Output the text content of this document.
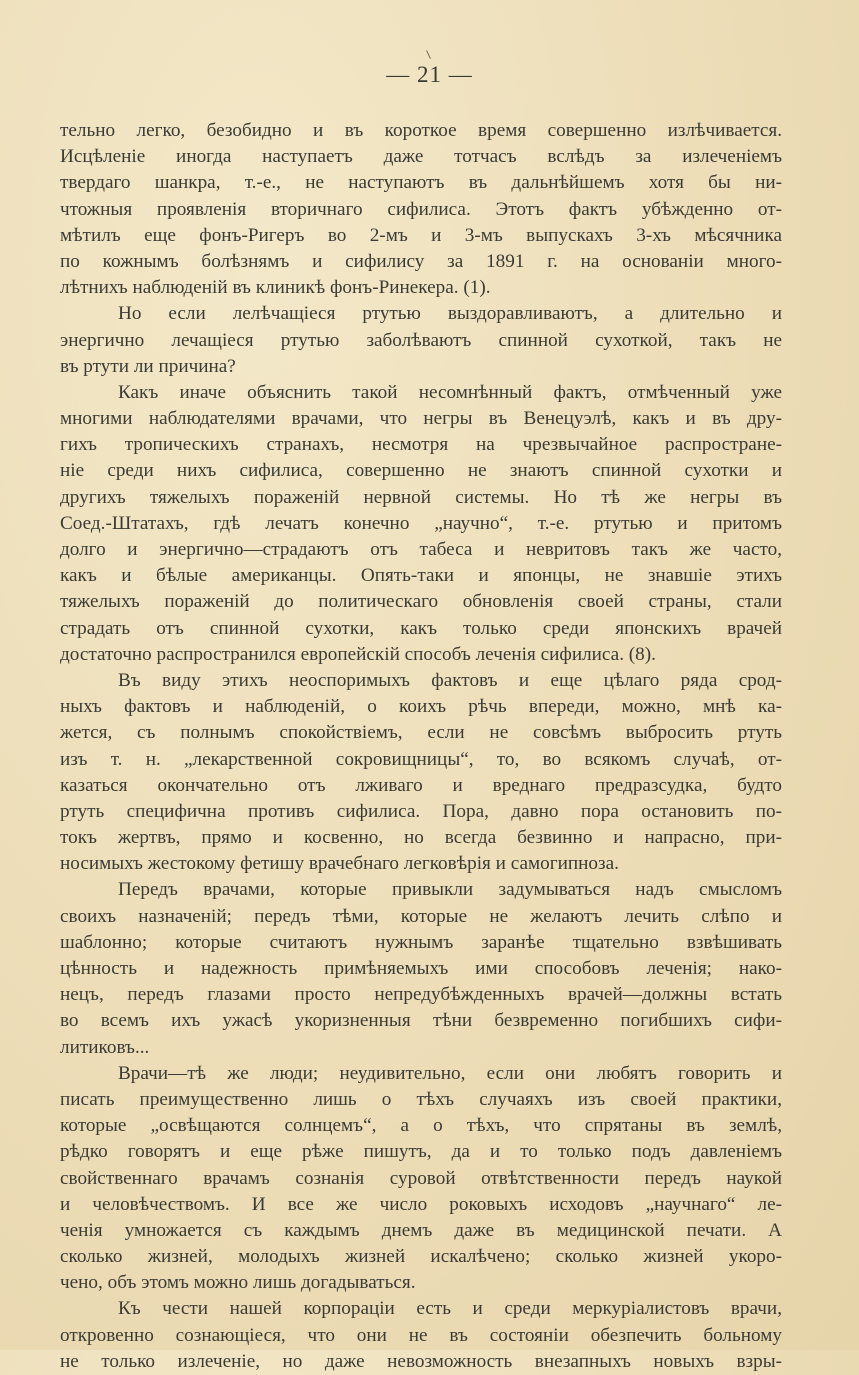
— 21 —
тельно легко, безобидно и въ короткое время совершенно излѣчивается.
Исцѣленіе иногда наступаетъ даже тотчасъ вслѣдъ за излеченіемъ
твердаго шанкра, т.-е., не наступаютъ въ дальнѣйшемъ хотя бы ни-
чтожныя проявленія вторичнаго сифилиса. Этотъ фактъ убѣжденно от-
мѣтилъ еще фонъ-Ригеръ во 2-мъ и 3-мъ выпускахъ 3-хъ мѣсячника
по кожнымъ болѣзнямъ и сифилису за 1891 г. на основаніи много-
лѣтнихъ наблюденій въ клиникѣ фонъ-Ринекера. (1).
Но если лелѣчащіеся ртутью выздоравливаютъ, а длительно и
энергично лечащіеся ртутью заболѣваютъ спинной сухоткой, такъ не
въ ртути ли причина?
Какъ иначе объяснить такой несомнѣнный фактъ, отмѣченный уже
многими наблюдателями врачами, что негры въ Венецуэлѣ, какъ и въ дру-
гихъ тропическихъ странахъ, несмотря на чрезвычайное распростране-
ніе среди нихъ сифилиса, совершенно не знаютъ спинной сухотки и
другихъ тяжелыхъ пораженій нервной системы. Но тѣ же негры въ
Соед.-Штатахъ, гдѣ лечатъ конечно „научно“, т.-е. ртутью и притомъ
долго и энергично—страдаютъ отъ табеса и невритовъ такъ же часто,
какъ и бѣлые американцы. Опять-таки и японцы, не знавшіе этихъ
тяжелыхъ пораженій до политическаго обновленія своей страны, стали
страдать отъ спинной сухотки, какъ только среди японскихъ врачей
достаточно распространился европейскій способъ леченія сифилиса. (8).
Въ виду этихъ неоспоримыхъ фактовъ и еще цѣлаго ряда срод-
ныхъ фактовъ и наблюденій, о коихъ рѣчь впереди, можно, мнѣ ка-
жется, съ полнымъ спокойствіемъ, если не совсѣмъ выбросить ртуть
изъ т. н. „лекарственной сокровищницы“, то, во всякомъ случаѣ, от-
казаться окончательно отъ лживаго и вреднаго предразсудка, будто
ртуть специфична противъ сифилиса. Пора, давно пора остановить по-
токъ жертвъ, прямо и косвенно, но всегда безвинно и напрасно, при-
носимыхъ жестокому фетишу врачебнаго легковѣрія и самогипноза.
Передъ врачами, которые привыкли задумываться надъ смысломъ
своихъ назначеній; передъ тѣми, которые не желаютъ лечить слѣпо и
шаблонно; которые считаютъ нужнымъ заранѣе тщательно взвѣшивать
цѣнность и надежность примѣняемыхъ ими способовъ леченія; нако-
нецъ, передъ глазами просто непредубѣжденныхъ врачей—должны встать
во всемъ ихъ ужасѣ укоризненныя тѣни безвременно погибшихъ сифи-
литиковъ...
Врачи—тѣ же люди; неудивительно, если они любятъ говорить и
писать преимущественно лишь о тѣхъ случаяхъ изъ своей практики,
которые „освѣщаются солнцемъ“, а о тѣхъ, что спрятаны въ землѣ,
рѣдко говорятъ и еще рѣже пишутъ, да и то только подъ давленіемъ
свойственнаго врачамъ сознанія суровой отвѣтственности передъ наукой
и человѣчествомъ. И все же число роковыхъ исходовъ „научнаго“ ле-
ченія умножается съ каждымъ днемъ даже въ медицинской печати. А
сколько жизней, молодыхъ жизней искалѣчено; сколько жизней укоро-
чено, объ этомъ можно лишь догадываться.
Къ чести нашей корпораціи есть и среди меркуріалистовъ врачи,
откровенно сознающіеся, что они не въ состояніи обезпечить больному
не только излеченіе, но даже невозможность внезапныхъ новыхъ взры-
